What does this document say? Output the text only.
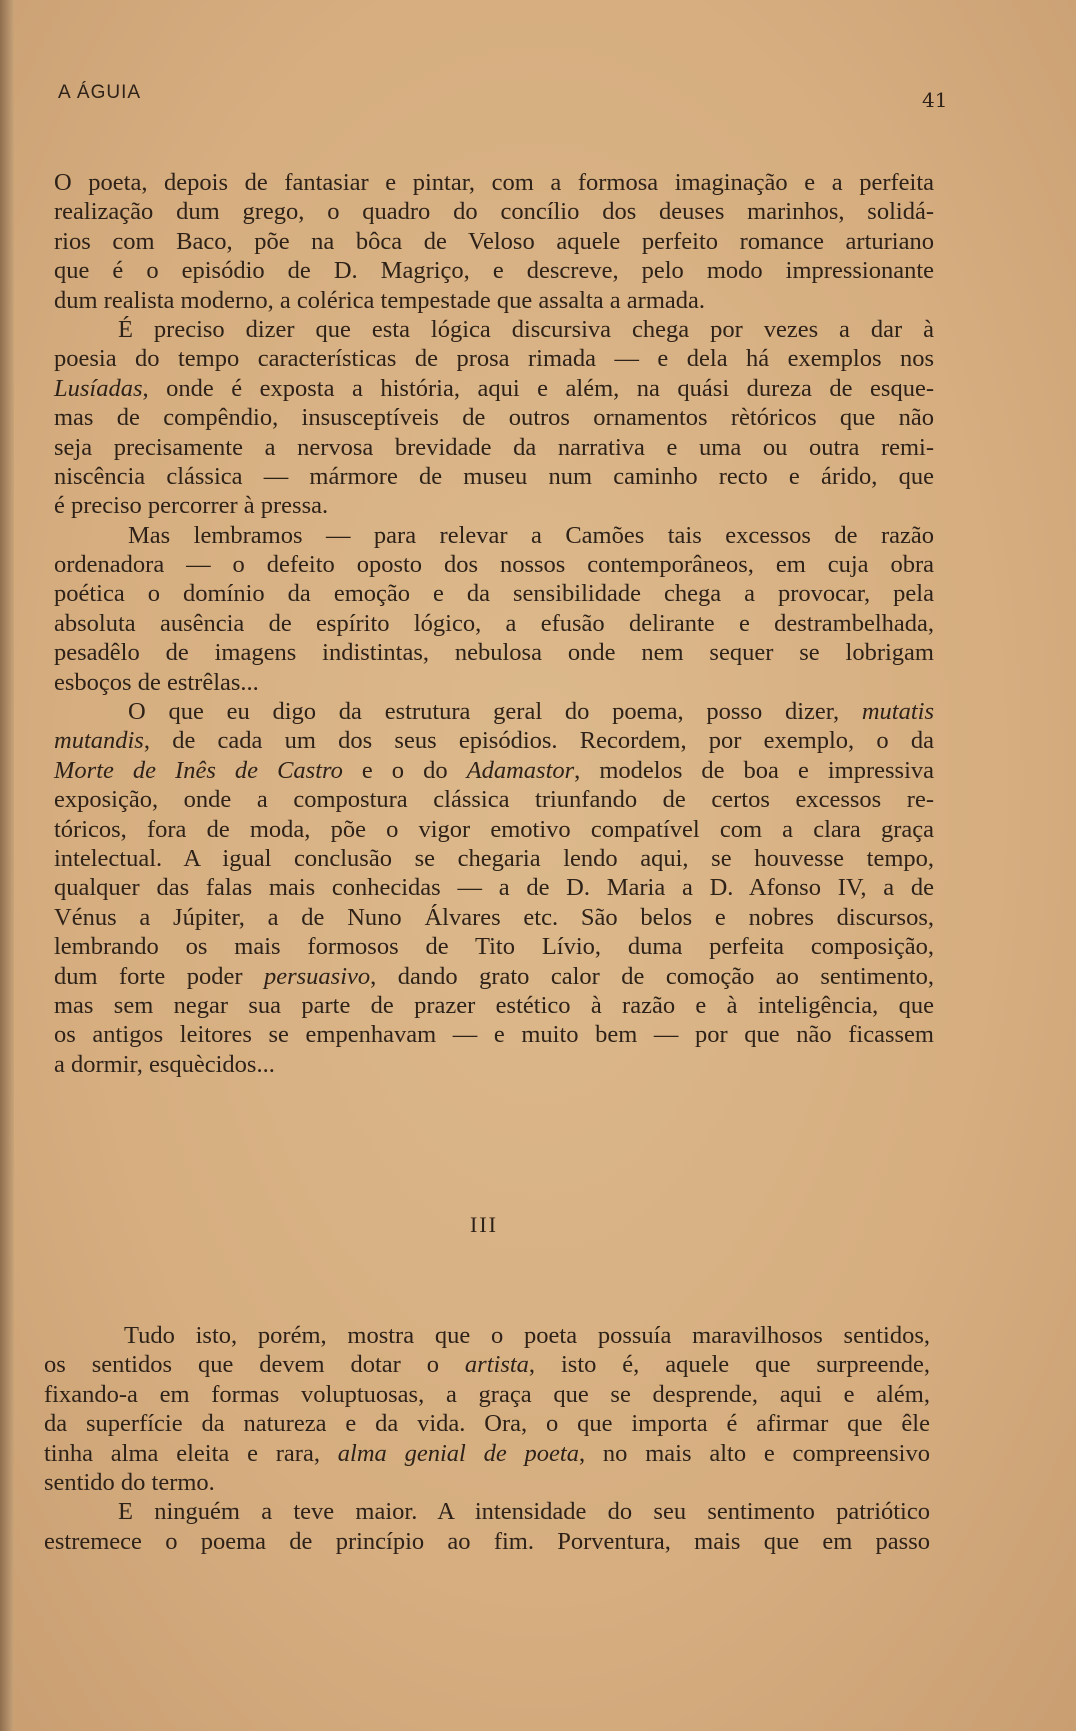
A ÁGUIA	41
O poeta, depois de fantasiar e pintar, com a formosa imaginação e a perfeita
realização dum grego, o quadro do concílio dos deuses marinhos, solidá-
rios com Baco, põe na bôca de Veloso aquele perfeito romance arturiano
que é o episódio de D. Magriço, e descreve, pelo modo impressionante
dum realista moderno, a colérica tempestade que assalta a armada.
É preciso dizer que esta lógica discursiva chega por vezes a dar à
poesia do tempo características de prosa rimada — e dela há exemplos nos
Lusíadas, onde é exposta a história, aqui e além, na quási dureza de esque-
mas de compêndio, insusceptíveis de outros ornamentos rètóricos que não
seja precisamente a nervosa brevidade da narrativa e uma ou outra remi-
niscência clássica — mármore de museu num caminho recto e árido, que
é preciso percorrer à pressa.
Mas lembramos — para relevar a Camões tais excessos de razão
ordenadora — o defeito oposto dos nossos contemporâneos, em cuja obra
poética o domínio da emoção e da sensibilidade chega a provocar, pela
absoluta ausência de espírito lógico, a efusão delirante e destrambelhada,
pesadêlo de imagens indistintas, nebulosa onde nem sequer se lobrigam
esboços de estrêlas...
O que eu digo da estrutura geral do poema, posso dizer, mutatis
mutandis, de cada um dos seus episódios. Recordem, por exemplo, o da
Morte de Inês de Castro e o do Adamastor, modelos de boa e impressiva
exposição, onde a compostura clássica triunfando de certos excessos re-
tóricos, fora de moda, põe o vigor emotivo compatível com a clara graça
intelectual. A igual conclusão se chegaria lendo aqui, se houvesse tempo,
qualquer das falas mais conhecidas — a de D. Maria a D. Afonso IV, a de
Vénus a Júpiter, a de Nuno Álvares etc. São belos e nobres discursos,
lembrando os mais formosos de Tito Lívio, duma perfeita composição,
dum forte poder persuasivo, dando grato calor de comoção ao sentimento,
mas sem negar sua parte de prazer estético à razão e à inteligência, que
os antigos leitores se empenhavam — e muito bem — por que não ficassem
a dormir, esquècidos...
III
Tudo isto, porém, mostra que o poeta possuía maravilhosos sentidos,
os sentidos que devem dotar o artista, isto é, aquele que surpreende,
fixando-a em formas voluptuosas, a graça que se desprende, aqui e além,
da superfície da natureza e da vida. Ora, o que importa é afirmar que êle
tinha alma eleita e rara, alma genial de poeta, no mais alto e compreensivo
sentido do termo.
E ninguém a teve maior. A intensidade do seu sentimento patriótico
estremece o poema de princípio ao fim. Porventura, mais que em passo
